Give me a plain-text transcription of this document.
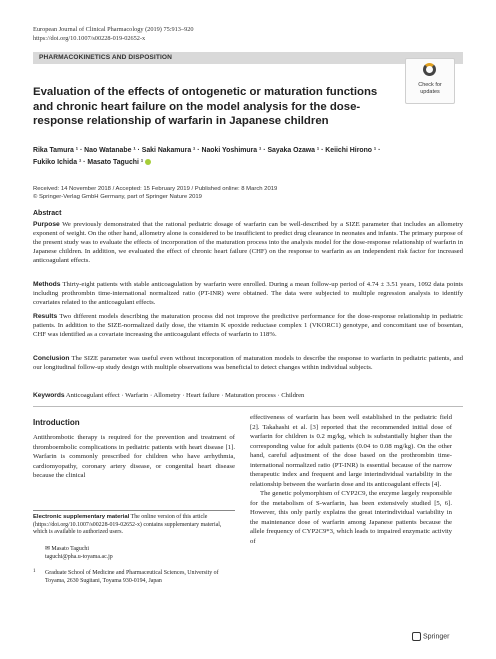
European Journal of Clinical Pharmacology (2019) 75:913–920
https://doi.org/10.1007/s00228-019-02652-x
PHARMACOKINETICS AND DISPOSITION
Check for
updates
Evaluation of the effects of ontogenetic or maturation functions and chronic heart failure on the model analysis for the dose-response relationship of warfarin in Japanese children
Rika Tamura ¹ · Nao Watanabe ¹ · Saki Nakamura ¹ · Naoki Yoshimura ¹ · Sayaka Ozawa ¹ · Keiichi Hirono ¹ ·
Fukiko Ichida ¹ · Masato Taguchi ¹
Received: 14 November 2018 / Accepted: 15 February 2019 / Published online: 8 March 2019
© Springer-Verlag GmbH Germany, part of Springer Nature 2019
Abstract
Purpose We previously demonstrated that the rational pediatric dosage of warfarin can be well-described by a SIZE parameter that includes an allometry exponent of weight. On the other hand, allometry alone is considered to be insufficient to predict drug clearance in neonates and infants. The primary purpose of the present study was to evaluate the effects of incorporation of the maturation process into the analysis model for the dose-response relationship of warfarin in Japanese children. In addition, we evaluated the effect of chronic heart failure (CHF) on the response to warfarin as an independent risk factor for increased anticoagulant effects.
Methods Thirty-eight patients with stable anticoagulation by warfarin were enrolled. During a mean follow-up period of 4.74 ± 3.51 years, 1092 data points including prothrombin time-international normalized ratio (PT-INR) were obtained. The data were subjected to multiple regression analysis to identify covariates related to the anticoagulant effects.
Results Two different models describing the maturation process did not improve the predictive performance for the dose-response relationship in pediatric patients. In addition to the SIZE-normalized daily dose, the vitamin K epoxide reductase complex 1 (VKORC1) genotype, and concomitant use of bosentan, CHF was identified as a covariate increasing the anticoagulant effects of warfarin to 118%.
Conclusion The SIZE parameter was useful even without incorporation of maturation models to describe the response to warfarin in pediatric patients, and our longitudinal follow-up study design with multiple observations was beneficial to detect changes within individual subjects.
Keywords Anticoagulant effect · Warfarin · Allometry · Heart failure · Maturation process · Children
Introduction
Antithrombotic therapy is required for the prevention and treatment of thromboembolic complications in pediatric patients with heart disease [1]. Warfarin is commonly prescribed for children who have arrhythmia, cardiomyopathy, coronary artery disease, or congenital heart disease because the clinical
effectiveness of warfarin has been well established in the pediatric field [2]. Takahashi et al. [3] reported that the recommended initial dose of warfarin for children is 0.2 mg/kg, which is substantially higher than the corresponding value for adult patients (0.04 to 0.08 mg/kg). On the other hand, careful adjustment of the dose based on the prothrombin time-international normalized ratio (PT-INR) is essential because of the narrow therapeutic index and frequent and large interindividual variability in the relationship between the warfarin dose and its anticoagulant effects [4].
The genetic polymorphism of CYP2C9, the enzyme largely responsible for the metabolism of S-warfarin, has been extensively studied [5, 6]. However, this only partly explains the great interindividual variability in the maintenance dose of warfarin among Japanese patients because the allele frequency of CYP2C9*3, which leads to impaired enzymatic activity of
Electronic supplementary material The online version of this article (https://doi.org/10.1007/s00228-019-02652-x) contains supplementary material, which is available to authorized users.
✉ Masato Taguchi
taguchi@pha.u-toyama.ac.jp
1	Graduate School of Medicine and Pharmaceutical Sciences, University of Toyama, 2630 Sugitani, Toyama 930-0194, Japan
Springer
